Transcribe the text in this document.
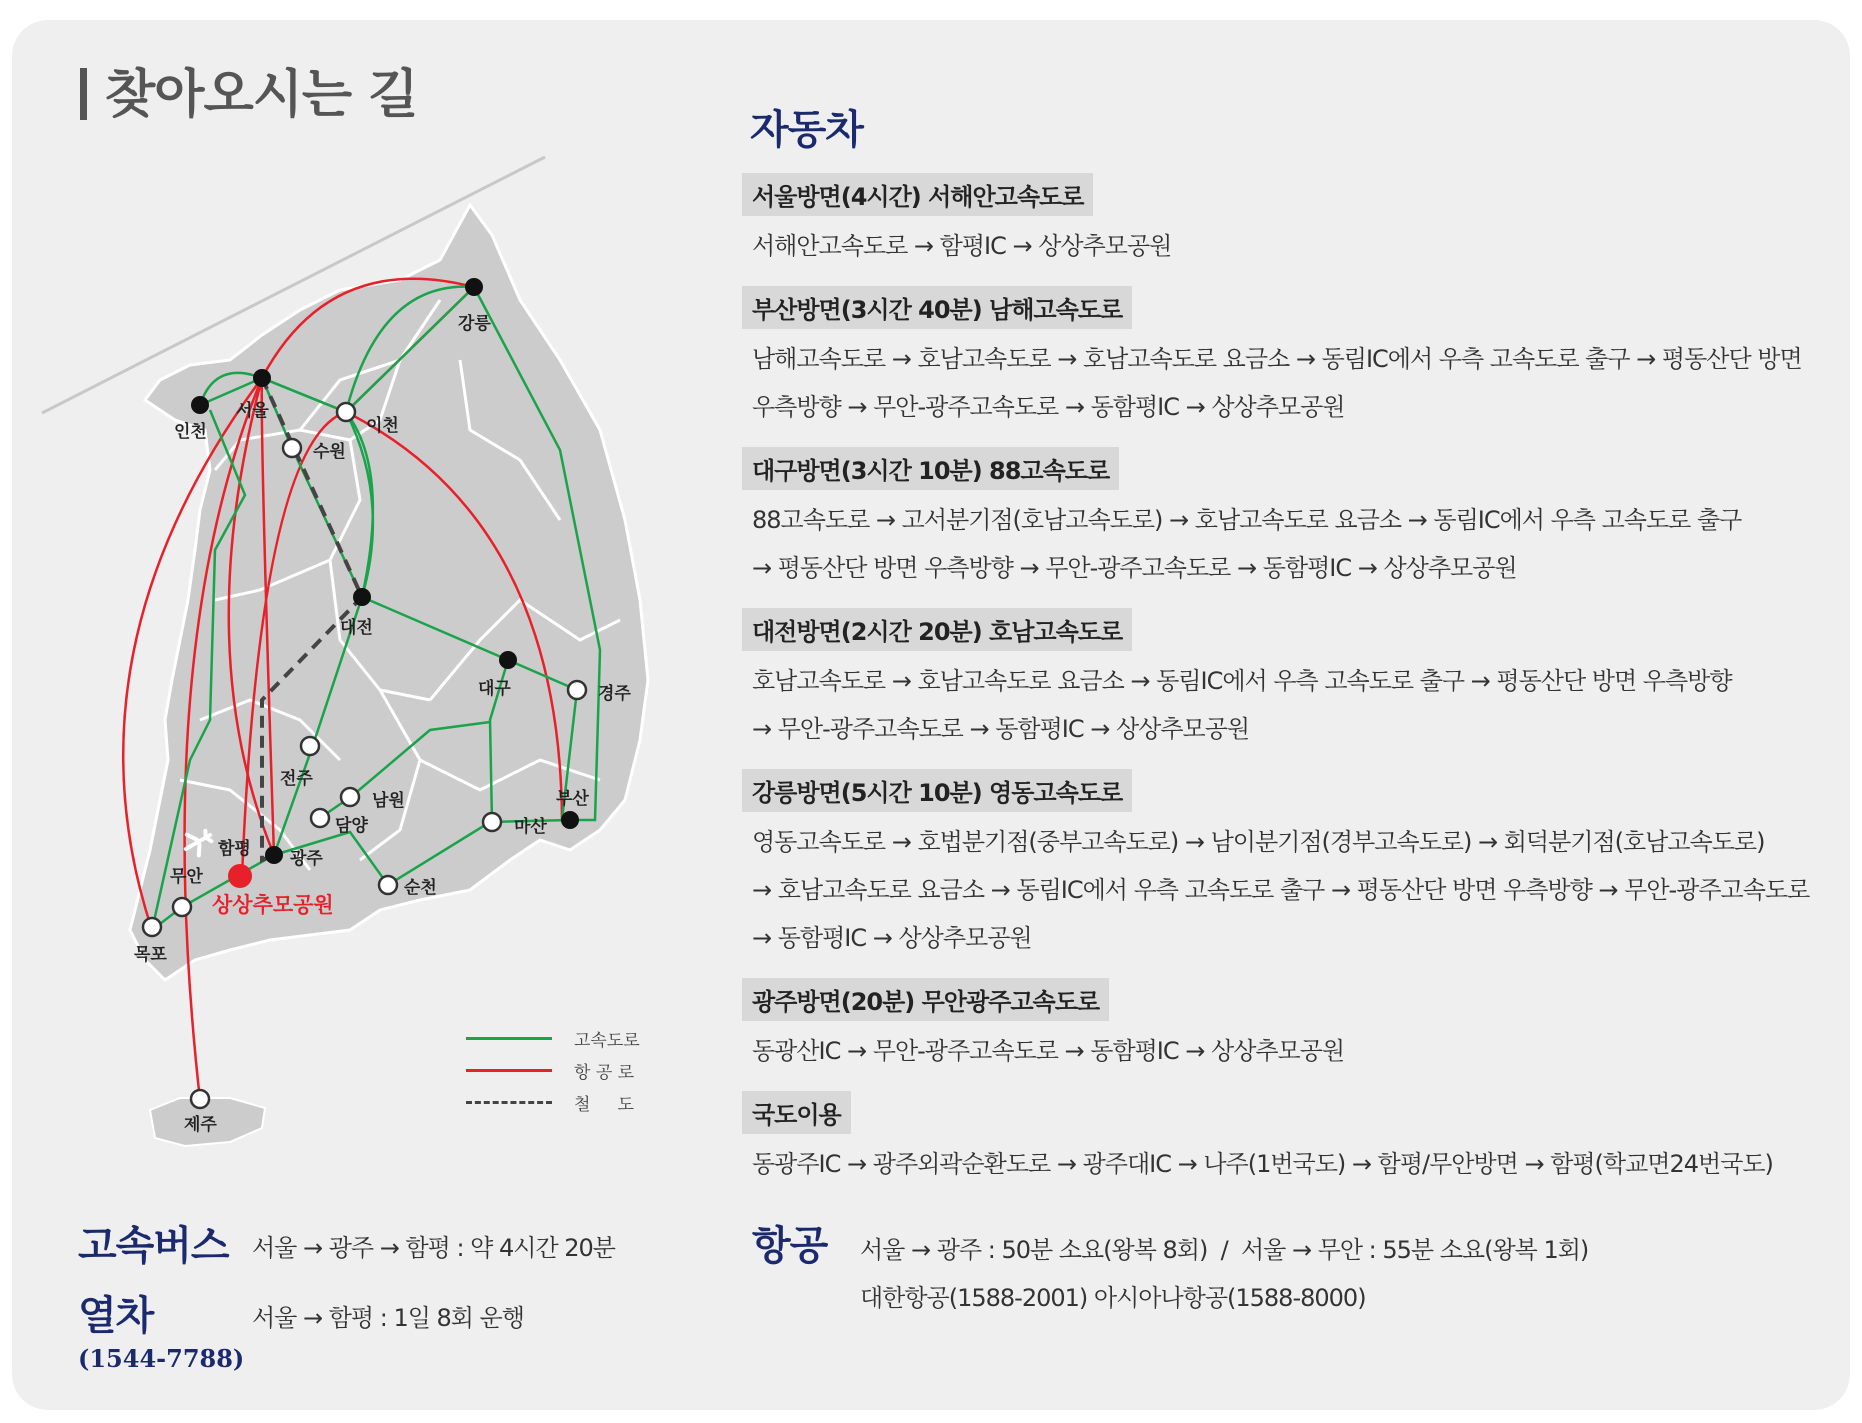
찾아오시는 길
인천
서울
수원
이천
강릉
대전
대구	경주
전주
남원
담양
부산
마산
함평 광주
무안
순천
목포
제주
상상추모공원
고속도로
항 공 로
철     도
자동차
서울방면(4시간) 서해안고속도로
서해안고속도로 → 함평IC → 상상추모공원
부산방면(3시간 40분) 남해고속도로
남해고속도로 → 호남고속도로 → 호남고속도로 요금소 → 동림IC에서 우측 고속도로 출구 → 평동산단 방면
우측방향 → 무안-광주고속도로 → 동함평IC → 상상추모공원
대구방면(3시간 10분) 88고속도로
88고속도로 → 고서분기점(호남고속도로) → 호남고속도로 요금소 → 동림IC에서 우측 고속도로 출구
→ 평동산단 방면 우측방향 → 무안-광주고속도로 → 동함평IC → 상상추모공원
대전방면(2시간 20분) 호남고속도로
호남고속도로 → 호남고속도로 요금소 → 동림IC에서 우측 고속도로 출구 → 평동산단 방면 우측방향
→ 무안-광주고속도로 → 동함평IC → 상상추모공원
강릉방면(5시간 10분) 영동고속도로
영동고속도로 → 호법분기점(중부고속도로) → 남이분기점(경부고속도로) → 회덕분기점(호남고속도로)
→ 호남고속도로 요금소 → 동림IC에서 우측 고속도로 출구 → 평동산단 방면 우측방향 → 무안-광주고속도로
→ 동함평IC → 상상추모공원
광주방면(20분) 무안광주고속도로
동광산IC → 무안-광주고속도로 → 동함평IC → 상상추모공원
국도이용
동광주IC → 광주외곽순환도로 → 광주대IC → 나주(1번국도) → 함평/무안방면 → 함평(학교면24번국도)
고속버스 서울 → 광주 → 함평 : 약 4시간 20분
열차	서울 → 함평 : 1일 8회 운행
(1544-7788)
항공	서울 → 광주 : 50분 소요(왕복 8회)  /  서울 → 무안 : 55분 소요(왕복 1회)
대한항공(1588-2001) 아시아나항공(1588-8000)
